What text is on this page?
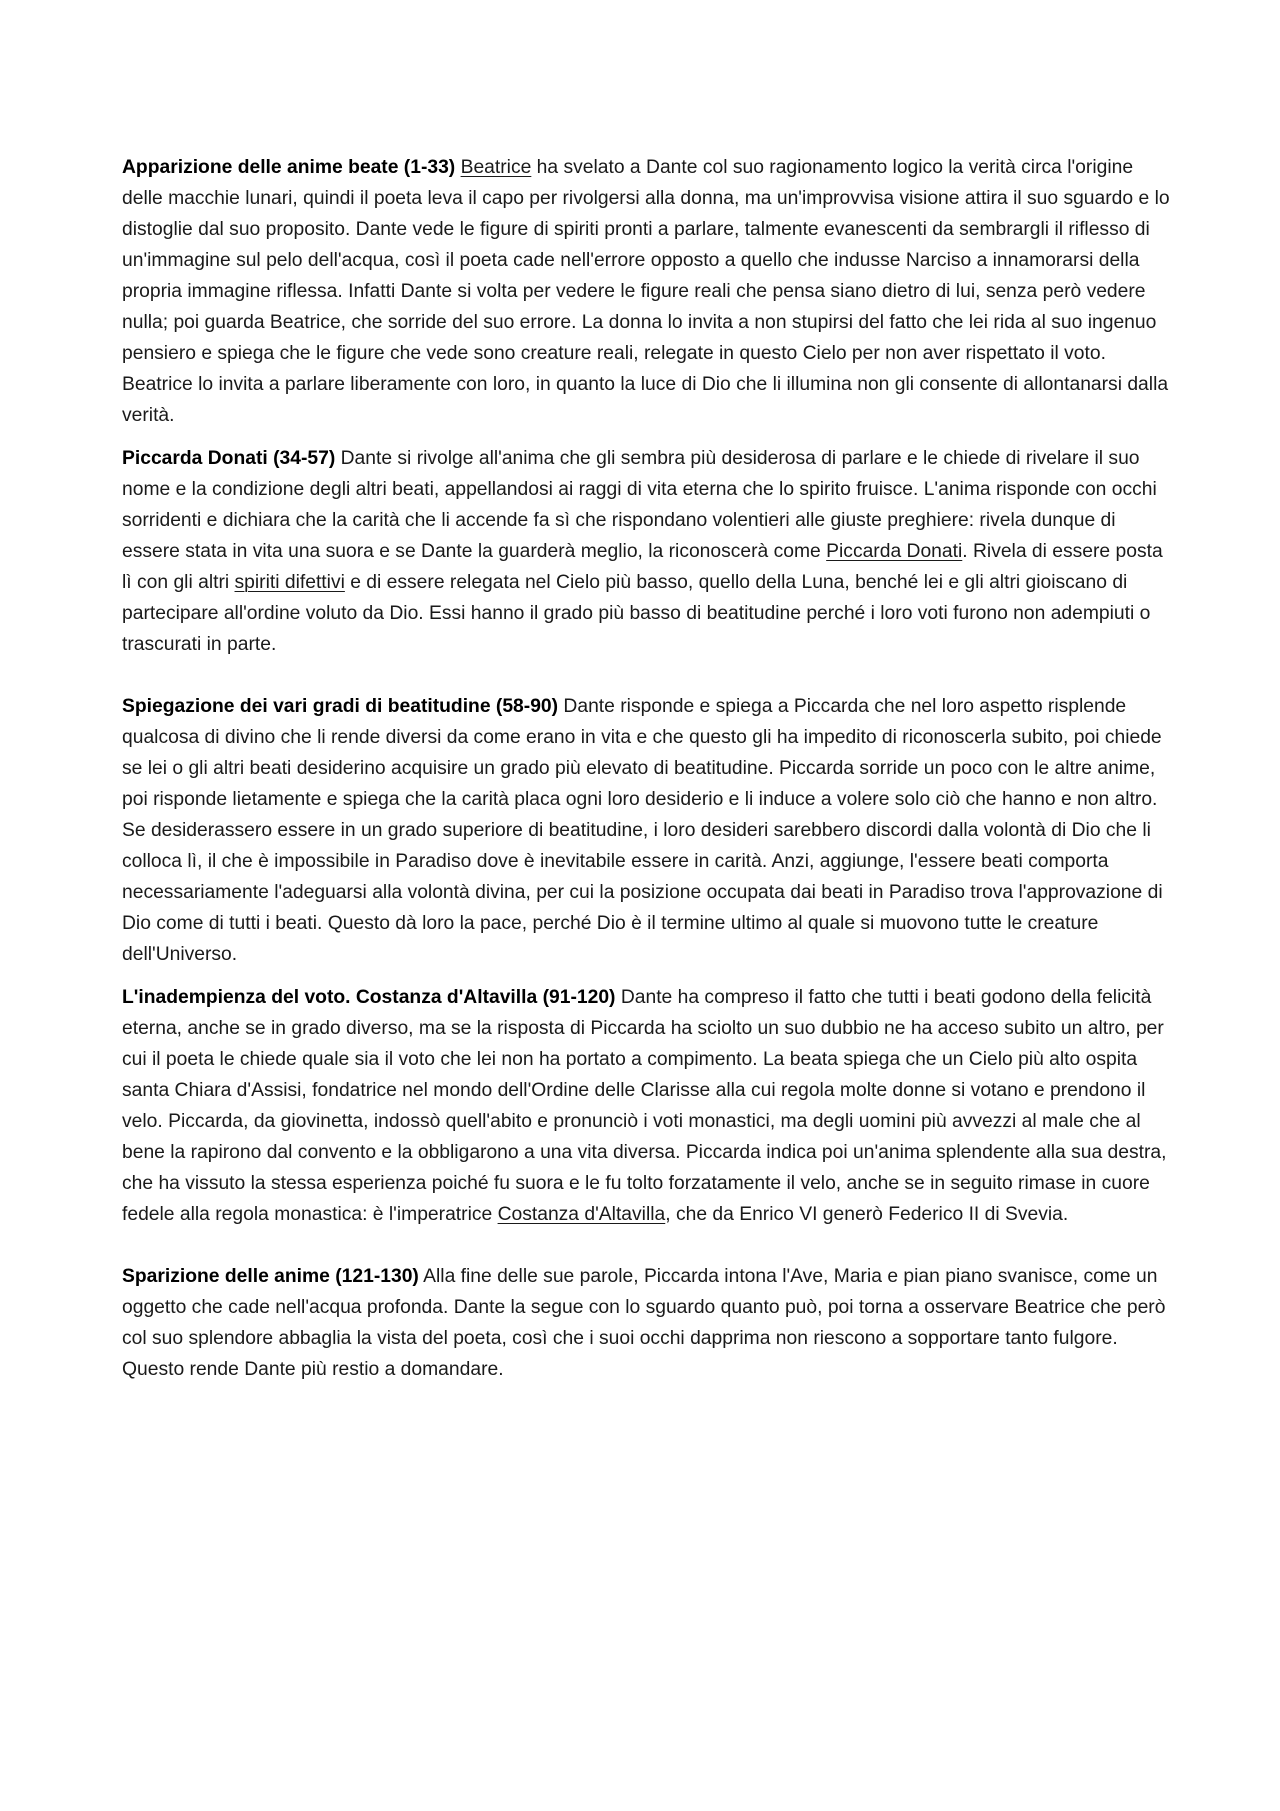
Apparizione delle anime beate (1-33) Beatrice ha svelato a Dante col suo ragionamento logico la verità circa l'origine delle macchie lunari, quindi il poeta leva il capo per rivolgersi alla donna, ma un'improvvisa visione attira il suo sguardo e lo distoglie dal suo proposito. Dante vede le figure di spiriti pronti a parlare, talmente evanescenti da sembrargli il riflesso di un'immagine sul pelo dell'acqua, così il poeta cade nell'errore opposto a quello che indusse Narciso a innamorarsi della propria immagine riflessa. Infatti Dante si volta per vedere le figure reali che pensa siano dietro di lui, senza però vedere nulla; poi guarda Beatrice, che sorride del suo errore. La donna lo invita a non stupirsi del fatto che lei rida al suo ingenuo pensiero e spiega che le figure che vede sono creature reali, relegate in questo Cielo per non aver rispettato il voto. Beatrice lo invita a parlare liberamente con loro, in quanto la luce di Dio che li illumina non gli consente di allontanarsi dalla verità.

Piccarda Donati (34-57) Dante si rivolge all'anima che gli sembra più desiderosa di parlare e le chiede di rivelare il suo nome e la condizione degli altri beati, appellandosi ai raggi di vita eterna che lo spirito fruisce. L'anima risponde con occhi sorridenti e dichiara che la carità che li accende fa sì che rispondano volentieri alle giuste preghiere: rivela dunque di essere stata in vita una suora e se Dante la guarderà meglio, la riconoscerà come Piccarda Donati. Rivela di essere posta lì con gli altri spiriti difettivi e di essere relegata nel Cielo più basso, quello della Luna, benché lei e gli altri gioiscano di partecipare all'ordine voluto da Dio. Essi hanno il grado più basso di beatitudine perché i loro voti furono non adempiuti o trascurati in parte.

Spiegazione dei vari gradi di beatitudine (58-90) Dante risponde e spiega a Piccarda che nel loro aspetto risplende qualcosa di divino che li rende diversi da come erano in vita e che questo gli ha impedito di riconoscerla subito, poi chiede se lei o gli altri beati desiderino acquisire un grado più elevato di beatitudine. Piccarda sorride un poco con le altre anime, poi risponde lietamente e spiega che la carità placa ogni loro desiderio e li induce a volere solo ciò che hanno e non altro. Se desiderassero essere in un grado superiore di beatitudine, i loro desideri sarebbero discordi dalla volontà di Dio che li colloca lì, il che è impossibile in Paradiso dove è inevitabile essere in carità. Anzi, aggiunge, l'essere beati comporta necessariamente l'adeguarsi alla volontà divina, per cui la posizione occupata dai beati in Paradiso trova l'approvazione di Dio come di tutti i beati. Questo dà loro la pace, perché Dio è il termine ultimo al quale si muovono tutte le creature dell'Universo.

L'inadempienza del voto. Costanza d'Altavilla (91-120) Dante ha compreso il fatto che tutti i beati godono della felicità eterna, anche se in grado diverso, ma se la risposta di Piccarda ha sciolto un suo dubbio ne ha acceso subito un altro, per cui il poeta le chiede quale sia il voto che lei non ha portato a compimento. La beata spiega che un Cielo più alto ospita santa Chiara d'Assisi, fondatrice nel mondo dell'Ordine delle Clarisse alla cui regola molte donne si votano e prendono il velo. Piccarda, da giovinetta, indossò quell'abito e pronunciò i voti monastici, ma degli uomini più avvezzi al male che al bene la rapirono dal convento e la obbligarono a una vita diversa. Piccarda indica poi un'anima splendente alla sua destra, che ha vissuto la stessa esperienza poiché fu suora e le fu tolto forzatamente il velo, anche se in seguito rimase in cuore fedele alla regola monastica: è l'imperatrice Costanza d'Altavilla, che da Enrico VI generò Federico II di Svevia.

Sparizione delle anime (121-130) Alla fine delle sue parole, Piccarda intona l'Ave, Maria e pian piano svanisce, come un oggetto che cade nell'acqua profonda. Dante la segue con lo sguardo quanto può, poi torna a osservare Beatrice che però col suo splendore abbaglia la vista del poeta, così che i suoi occhi dapprima non riescono a sopportare tanto fulgore. Questo rende Dante più restio a domandare.
